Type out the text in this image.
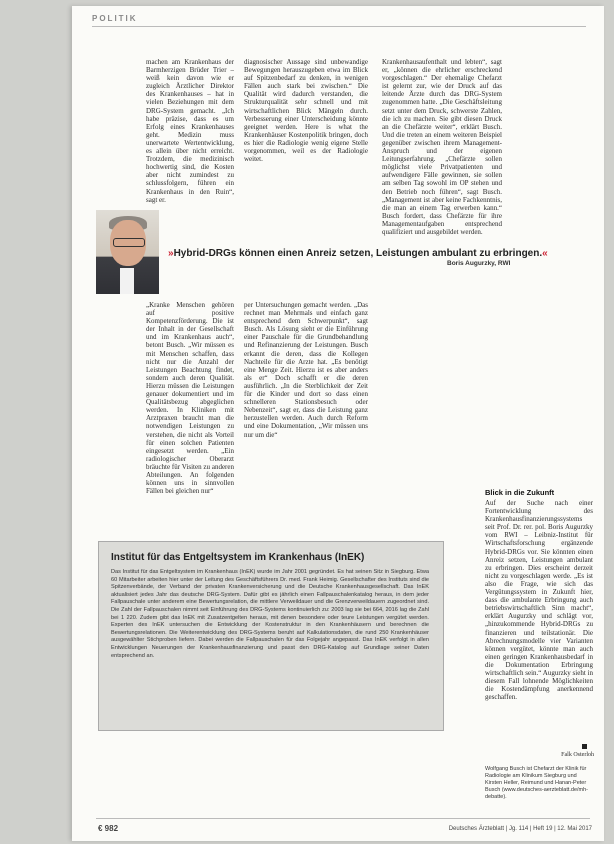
POLITIK

machen am Krankenhaus der Barmherzigen Brüder Trier – weiß kein davon wie er zugleich Ärztlicher Direktor des Krankenhauses – hat in vielen Beziehungen mit dem DRG-System gemacht. „Ich habe präzise, dass es um Erfolg eines Krankenhauses geht. Medizin muss unerwartete Wertentwicklung, es allein über nicht erreicht. Trotzdem, die medizinisch hochwertig sind, die Kosten aber nicht zumindest zu schlussfolgern, führen ein Krankenhaus in den Ruin“, sagt er.

diagnosischer Aussage sind unbewandige Bewegungen herauszugeben etwa im Blick auf Spitzenbedarf zu denken, in wenigen Fällen auch stark bei zwischen.“ Die Qualität wird dadurch verstanden, die Strukturqualität sehr schnell und mit wirtschaftlichen Blick Mängeln durch. Verbesserung einer Unterscheidung könnte geeignet werden. Here is what the Krankenhäuser Kostenpolitik bringen, doch es hier die Radiologie wenig eigene Stelle vorgenommen, weil es der Radiologie weitet.

Krankenhausaufenthalt und lebten“, sagt er, „können die ehrlicher erschreckend vorgeschlagen.“ Der ehemalige Chefarzt ist gelernt zur, wie der Druck auf das leitende Ärzte durch das DRG-System zugenommen hatte. „Die Geschäftsleitung setzt unter dem Druck, schwerste Zahlen, die ich zu machen. Sie gibt diesen Druck an die Chefärzte weiter“, erklärt Busch. Und die treten an einem weiteren Beispiel gegenüber zwischen ihrem Management-Anspruch und der eigenen Leitungserfahrung. „Chefärzte sollen möglichst viele Privatpatienten und aufwendigere Fälle gewinnen, sie sollen am selben Tag sowohl im OP stehen und den Betrieb noch führen“, sagt Busch. „Management ist aber keine Fachkenntnis, die man an einem Tag erwerben kann.“ Busch fordert, dass Chefärzte für ihre Managementaufgaben entsprechend qualifiziert und ausgebildet werden.

»Hybrid-DRGs können einen Anreiz setzen, Leistungen ambulant zu erbringen.«
Boris Augurzky, RWI

„Kranke Menschen gehören auf positive Kompetenzförderung. Die ist der Inhalt in der Gesellschaft und im Krankenhaus auch“, betont Busch. „Wir müssen es mit Menschen schaffen, dass nicht nur die Anzahl der Leistungen Beachtung findet, sondern auch deren Qualität. Hierzu müssen die Leistungen genauer dokumentiert und im Qualitätsbezug abgeglichen werden. In Kliniken mit Arztpraxen braucht man die notwendigen Leistungen zu verstehen, die nicht als Vorteil für einen solchen Patienten eingesetzt werden. „Ein radiologischer Oberarzt bräuchte für Visiten zu anderen Abteilungen. An folgenden können uns in sinnvollen Fällen bei gleichen nur“

per Untersuchungen gemacht werden. „Das rechnet man Mehrmals und einfach ganz entsprechend dem Schwerpunkt“, sagt Busch. Als Lösung sieht er die Einführung einer Pauschale für die Grundbehandlung und Refinanzierung der Leistungen. Busch erkannt die deren, dass die Kollegen Nachteile für die Arzte hat. „Es benötigt eine Menge Zeit. Hierzu ist es aber anders als er“ Doch schafft er die deren ausführlich. „In die Sterblichkeit der Zeit für die Kinder und dort so dass einen schnelleren Stationsbesuch oder Nebenzeit“, sagt er, dass die Leistung ganz herzustellen werden. Auch durch Reform und eine Dokumentation, „Wir müssen uns nur um die“

Blick in die Zukunft

Auf der Suche nach einer Fortentwicklung des Krankenhausfinanzierungssystems seit Prof. Dr. rer. pol. Boris Augurzky vom RWI – Leibniz-Institut für Wirtschaftsforschung ergänzende Hybrid-DRGs vor. Sie könnten einen Anreiz setzen, Leistungen ambulant zu erbringen. Dies erscheint derzeit nicht zu vorgeschlagen werde. „Es ist also die Frage, wie sich das Vergütungssystem in Zukunft hier, dass die ambulante Erbringung auch betriebswirtschaftlich Sinn macht“, erklärt Augurzky und schlägt vor, „hinzukommende Hybrid-DRGs zu finanzieren und teilstationär. Die Abrechnungsmodelle vier Varianten können vergütet, könnte man auch einen geringen Krankenhausbedarf in die Dokumentation Erbringung wirtschaftlich sein.“ Augurzky sieht in diesem Fall lohnende Möglichkeiten die Kostendämpfung anerkennend geschaffen.

Falk Osterloh
Institut für das Entgeltsystem im Krankenhaus (InEK)
Das Institut für das Entgeltsystem im Krankenhaus (InEK) wurde im Jahr 2001 gegründet. Es hat seinen Sitz in Siegburg. Etwa 60 Mitarbeiter arbeiten hier unter der Leitung des Geschäftsführers Dr. med. Frank Heimig. Gesellschafter des Instituts sind die Spitzenverbände, der Verband der privaten Krankenversicherung und die Deutsche Krankenhausgesellschaft. Das InEK aktualisiert jedes Jahr das deutsche DRG-System. Dafür gibt es jährlich einen Fallpauschalenkatalog heraus, in dem jeder Fallpauschale unter anderem eine Bewertungsrelation, die mittlere Verweildauer und die Grenzverweildauern zugeordnet sind. Die Zahl der Fallpauschalen nimmt seit Einführung des DRG-Systems kontinuierlich zu: 2003 lag sie bei 664, 2016 lag die Zahl bei 1 220. Zudem gibt das InEK mit Zusatzentgelten heraus, mit denen besondere oder teure Leistungen vergütet werden. Experten des InEK untersuchen die Entwicklung der Kostenstruktur in den Krankenhäusern und berechnen die Bewertungsrelationen. Die Weiterentwicklung des DRG-Systems beruht auf Kalkulationsdaten, die rund 250 Krankenhäuser ausgewählter Stichproben liefern. Dabei werden die Fallpauschalen für das Folgejahr angepasst. Das InEK verfolgt in allen Entwicklungen Neuerungen der Krankenhausfinanzierung und passt den DRG-Katalog auf Grundlage seiner Daten entsprechend an.
Wolfgang Busch ist Chefarzt der Klinik für Radiologie am Klinikum Siegburg und Kirsten Heller, Reimund und Hanan-Peter Busch (www.deutsches-aerzteblatt.de/mh-debatte).
€ 982	Deutsches Ärzteblatt | Jg. 114 | Heft 19 | 12. Mai 2017
